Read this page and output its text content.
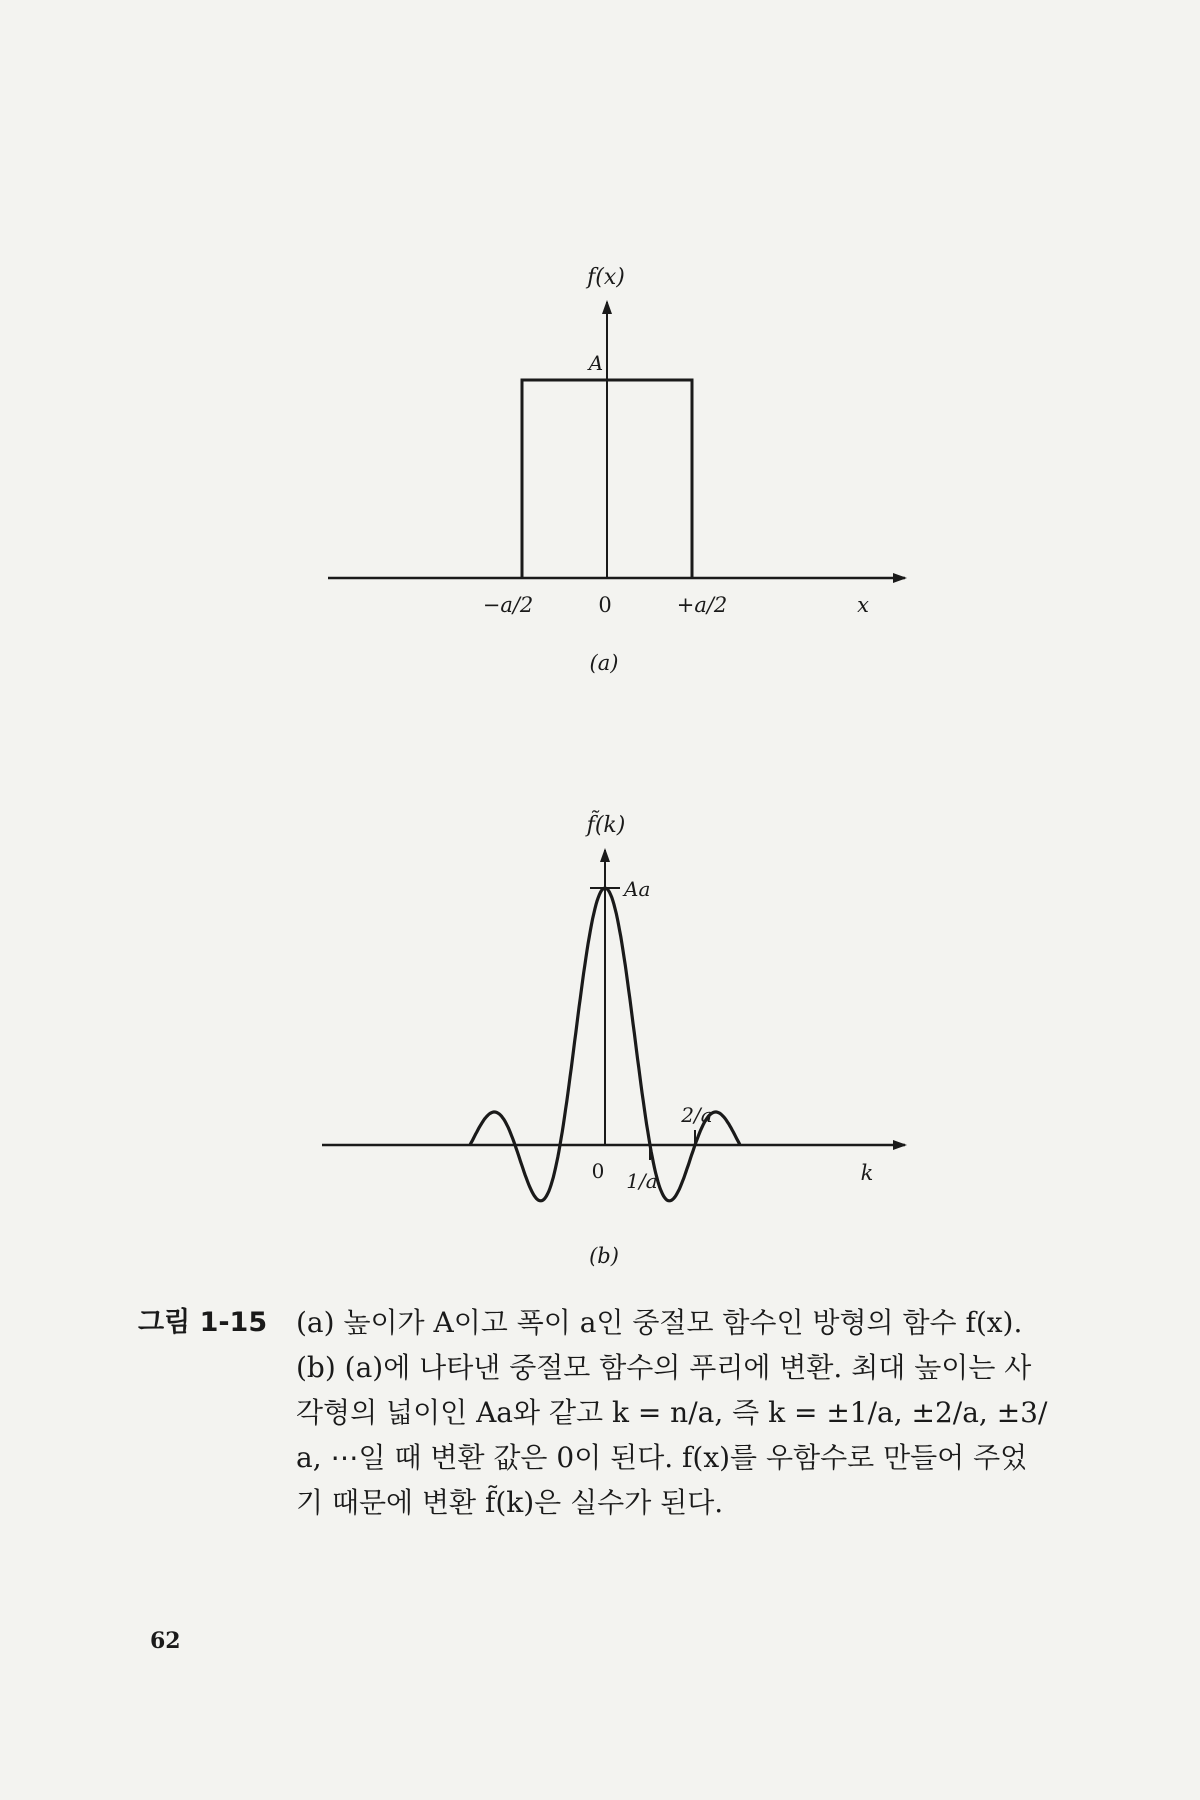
f(x)
A
−a/2	0	+a/2	x
(a)
f̃(k)
Aa
0 1/a
2/a
k
(b)
그림 1-15 (a) 높이가 A이고 폭이 a인 중절모 함수인 방형의 함수 f(x).
(b) (a)에 나타낸 중절모 함수의 푸리에 변환. 최대 높이는 사
각형의 넓이인 Aa와 같고 k = n/a, 즉 k = ±1/a, ±2/a, ±3/
a, ⋯일 때 변환 값은 0이 된다. f(x)를 우함수로 만들어 주었
기 때문에 변환 f̃(k)은 실수가 된다.
62
